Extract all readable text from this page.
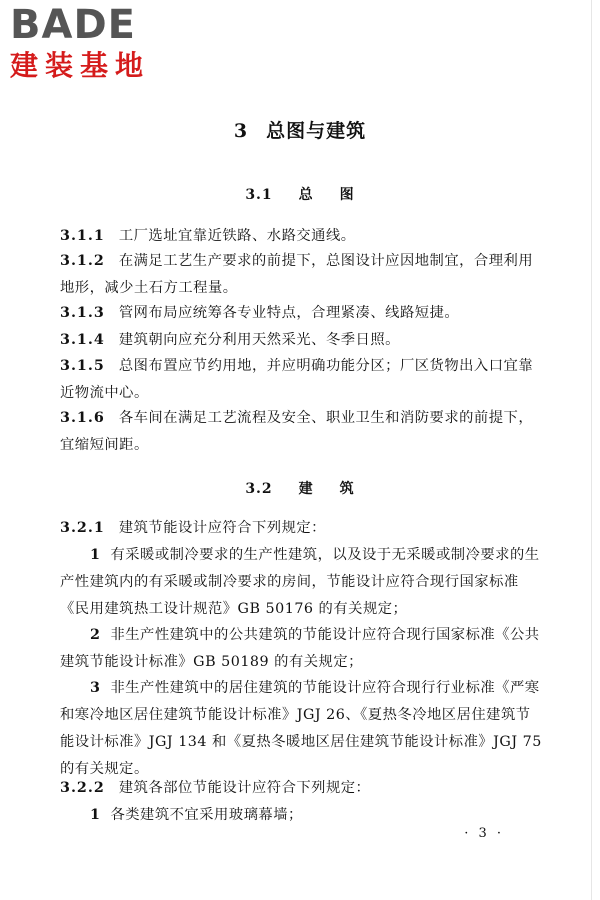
BADE
建装基地
3 总图与建筑
3.1 总 图
3.1.1 工厂选址宜靠近铁路、水路交通线。
3.1.2 在满足工艺生产要求的前提下，总图设计应因地制宜，合理利用地形，减少土石方工程量。
3.1.3 管网布局应统筹各专业特点，合理紧凑、线路短捷。
3.1.4 建筑朝向应充分利用天然采光、冬季日照。
3.1.5 总图布置应节约用地，并应明确功能分区；厂区货物出入口宜靠近物流中心。
3.1.6 各车间在满足工艺流程及安全、职业卫生和消防要求的前提下，宜缩短间距。
3.2 建 筑
3.2.1 建筑节能设计应符合下列规定：
1 有采暖或制冷要求的生产性建筑，以及设于无采暖或制冷要求的生产性建筑内的有采暖或制冷要求的房间，节能设计应符合现行国家标准《民用建筑热工设计规范》GB 50176 的有关规定；
2 非生产性建筑中的公共建筑的节能设计应符合现行国家标准《公共建筑节能设计标准》GB 50189 的有关规定；
3 非生产性建筑中的居住建筑的节能设计应符合现行行业标准《严寒和寒冷地区居住建筑节能设计标准》JGJ 26、《夏热冬冷地区居住建筑节能设计标准》JGJ 134 和《夏热冬暖地区居住建筑节能设计标准》JGJ 75 的有关规定。
3.2.2 建筑各部位节能设计应符合下列规定：
1 各类建筑不宜采用玻璃幕墙；
· 3 ·
